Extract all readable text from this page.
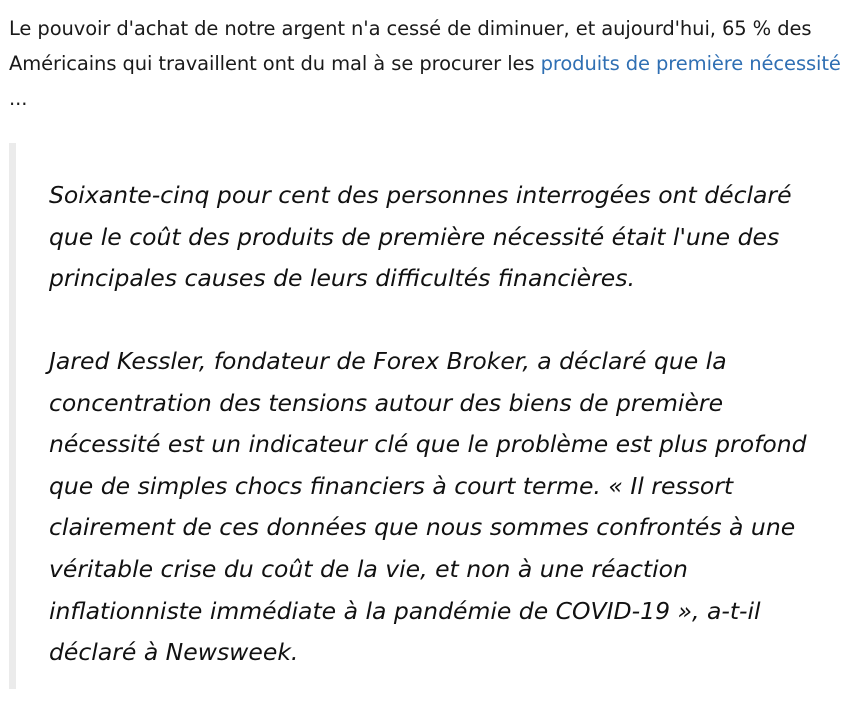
Le pouvoir d'achat de notre argent n'a cessé de diminuer, et aujourd'hui, 65 % des Américains qui travaillent ont du mal à se procurer les produits de première nécessité ...

Soixante-cinq pour cent des personnes interrogées ont déclaré que le coût des produits de première nécessité était l'une des principales causes de leurs difficultés financières.

Jared Kessler, fondateur de Forex Broker, a déclaré que la concentration des tensions autour des biens de première nécessité est un indicateur clé que le problème est plus profond que de simples chocs financiers à court terme. « Il ressort clairement de ces données que nous sommes confrontés à une véritable crise du coût de la vie, et non à une réaction inflationniste immédiate à la pandémie de COVID-19 », a-t-il déclaré à Newsweek.
